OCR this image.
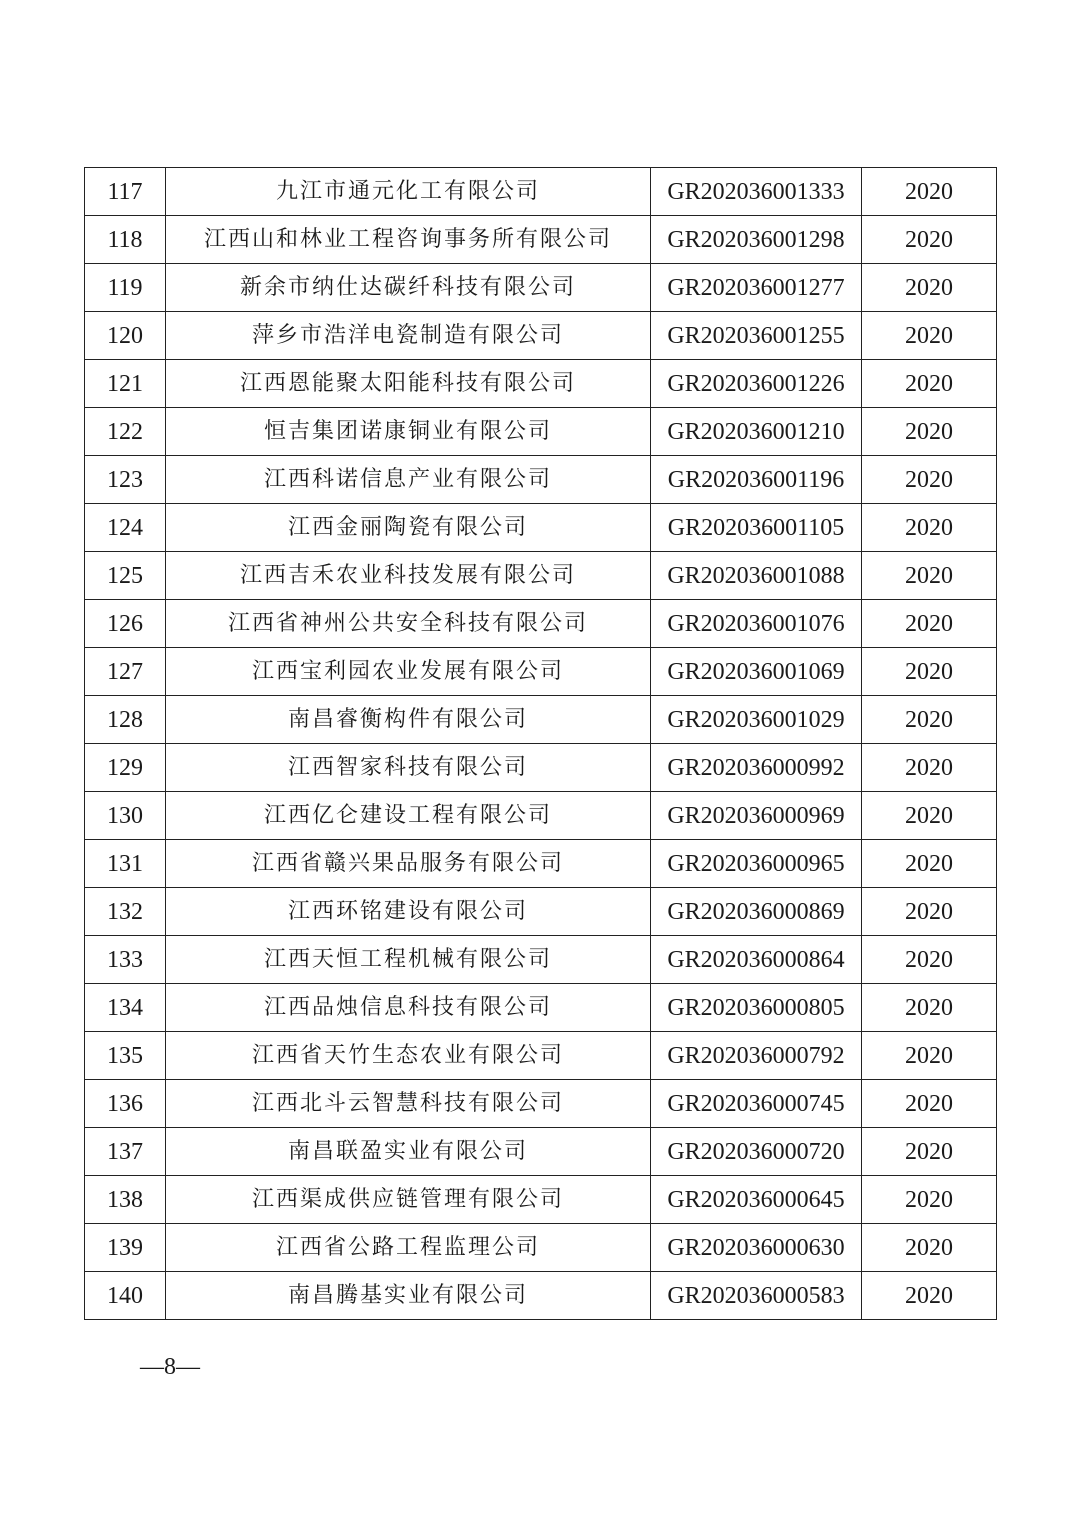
117	九江市通元化工有限公司	GR202036001333	2020
118	江西山和林业工程咨询事务所有限公司	GR202036001298	2020
119	新余市纳仕达碳纤科技有限公司	GR202036001277	2020
120	萍乡市浩洋电瓷制造有限公司	GR202036001255	2020
121	江西恩能聚太阳能科技有限公司	GR202036001226	2020
122	恒吉集团诺康铜业有限公司	GR202036001210	2020
123	江西科诺信息产业有限公司	GR202036001196	2020
124	江西金丽陶瓷有限公司	GR202036001105	2020
125	江西吉禾农业科技发展有限公司	GR202036001088	2020
126	江西省神州公共安全科技有限公司	GR202036001076	2020
127	江西宝利园农业发展有限公司	GR202036001069	2020
128	南昌睿衡构件有限公司	GR202036001029	2020
129	江西智家科技有限公司	GR202036000992	2020
130	江西亿仑建设工程有限公司	GR202036000969	2020
131	江西省赣兴果品服务有限公司	GR202036000965	2020
132	江西环铭建设有限公司	GR202036000869	2020
133	江西天恒工程机械有限公司	GR202036000864	2020
134	江西品烛信息科技有限公司	GR202036000805	2020
135	江西省天竹生态农业有限公司	GR202036000792	2020
136	江西北斗云智慧科技有限公司	GR202036000745	2020
137	南昌联盈实业有限公司	GR202036000720	2020
138	江西渠成供应链管理有限公司	GR202036000645	2020
139	江西省公路工程监理公司	GR202036000630	2020
140	南昌腾基实业有限公司	GR202036000583	2020
—8—
